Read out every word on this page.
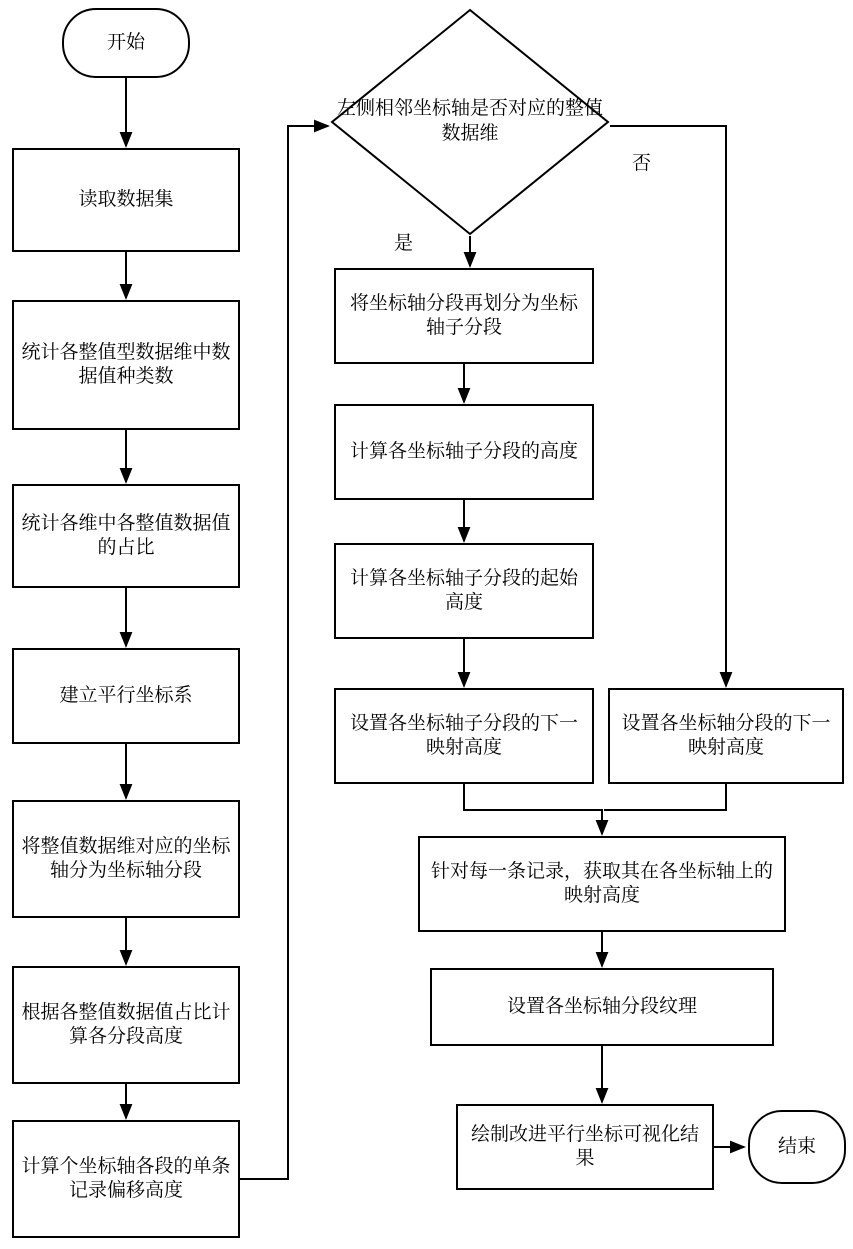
开始
读取数据集
统计各整值型数据维中数据值种类数
统计各维中各整值数据值的占比
建立平行坐标系
将整值数据维对应的坐标轴分为坐标轴分段
根据各整值数据值占比计算各分段高度
计算个坐标轴各段的单条记录偏移高度
左侧相邻坐标轴是否对应的整值数据维
将坐标轴分段再划分为坐标轴子分段
计算各坐标轴子分段的高度
计算各坐标轴子分段的起始高度
设置各坐标轴子分段的下一映射高度
设置各坐标轴分段的下一映射高度
针对每一条记录，获取其在各坐标轴上的映射高度
设置各坐标轴分段纹理
绘制改进平行坐标可视化结果
结束
是
否
